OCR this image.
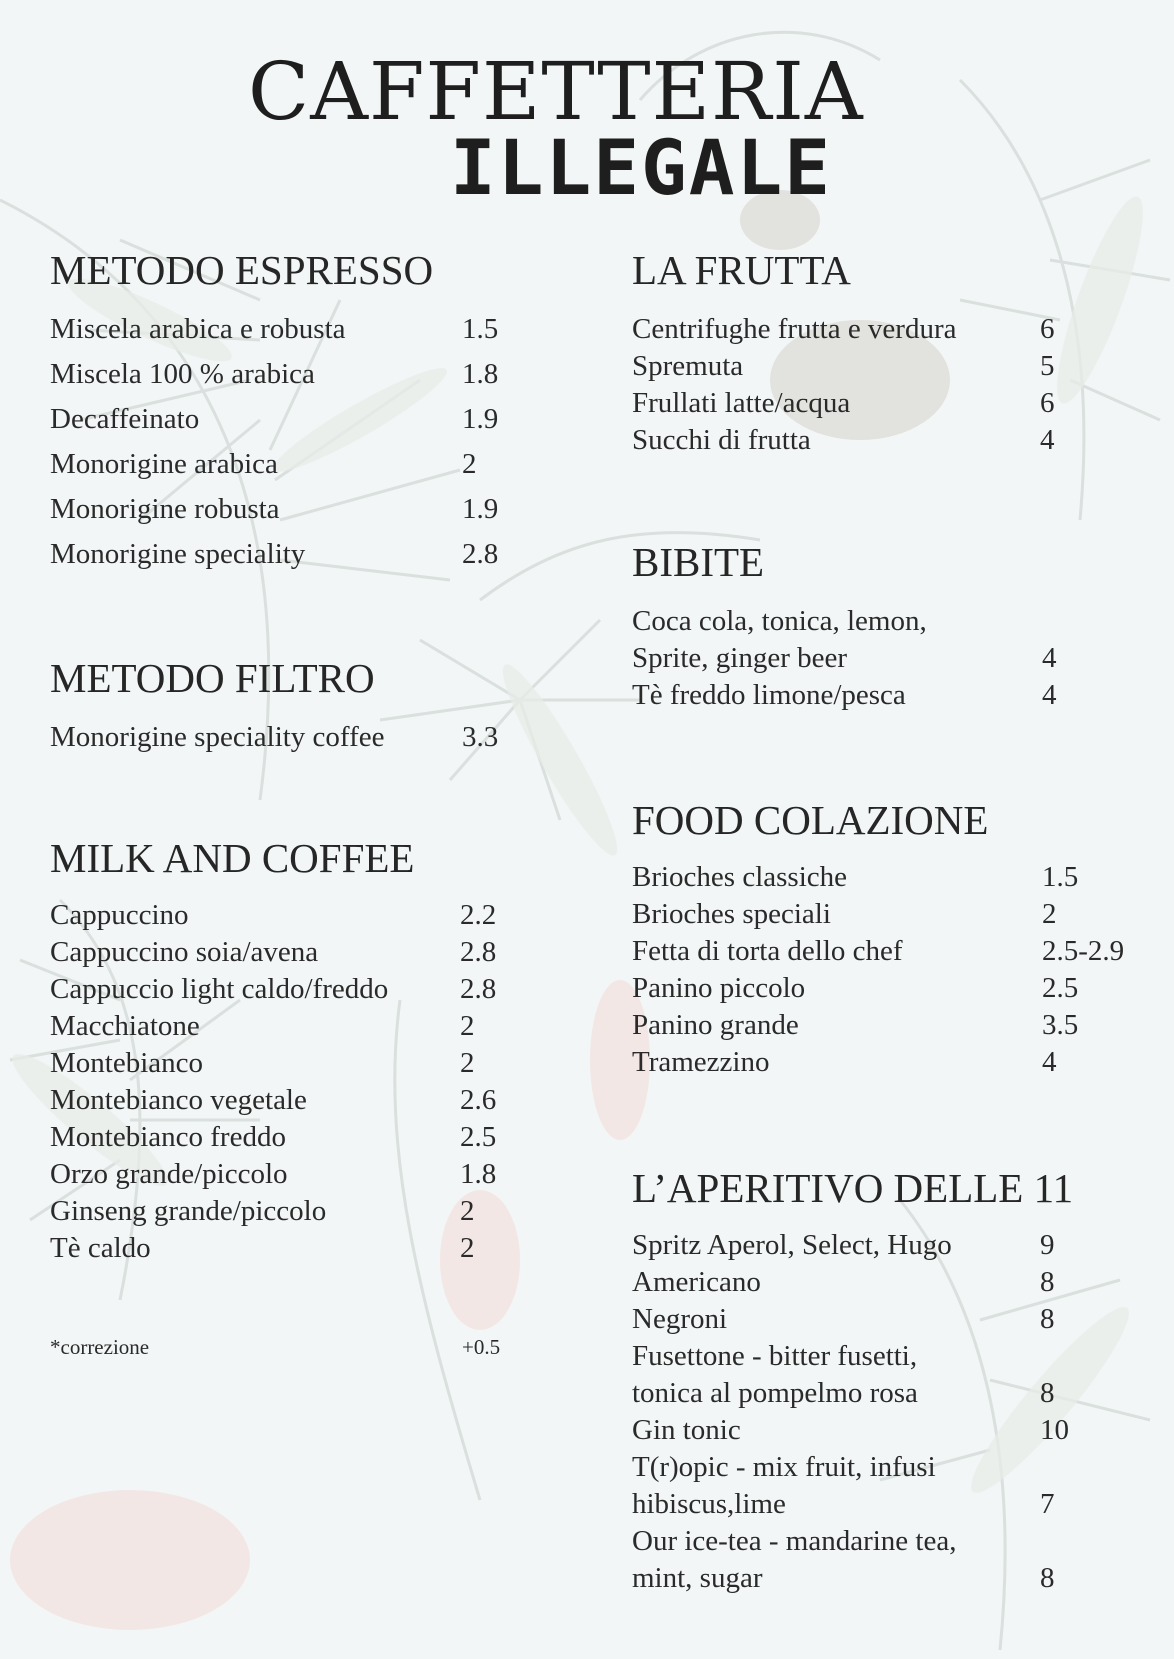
CAFFETTERIA
ILLEGALE
METODO ESPRESSO
Miscela arabica e robusta	1.5
Miscela 100 % arabica	1.8
Decaffeinato	1.9
Monorigine arabica	2
Monorigine robusta	1.9
Monorigine speciality	2.8
METODO FILTRO
Monorigine speciality coffee	3.3
MILK AND COFFEE
Cappuccino	2.2
Cappuccino soia/avena	2.8
Cappuccio light caldo/freddo 2.8
Macchiatone	2
Montebianco	2
Montebianco vegetale	2.6
Montebianco freddo	2.5
Orzo grande/piccolo	1.8
Ginseng grande/piccolo	2
Tè caldo	2
*correzione	+0.5
LA FRUTTA
Centrifughe frutta e verdura	6
Spremuta	5
Frullati latte/acqua	6
Succhi di frutta	4
BIBITE
Coca cola, tonica, lemon,
Sprite, ginger beer	4
Tè freddo limone/pesca	4
FOOD COLAZIONE
Brioches classiche	1.5
Brioches speciali	2
Fetta di torta dello chef	2.5-2.9
Panino piccolo	2.5
Panino grande	3.5
Tramezzino	4
L’APERITIVO DELLE 11
Spritz Aperol, Select, Hugo	9
Americano	8
Negroni	8
Fusettone - bitter fusetti,
tonica al pompelmo rosa	8
Gin tonic	10
T(r)opic - mix fruit, infusi
hibiscus,lime	7
Our ice-tea - mandarine tea,
mint, sugar	8
